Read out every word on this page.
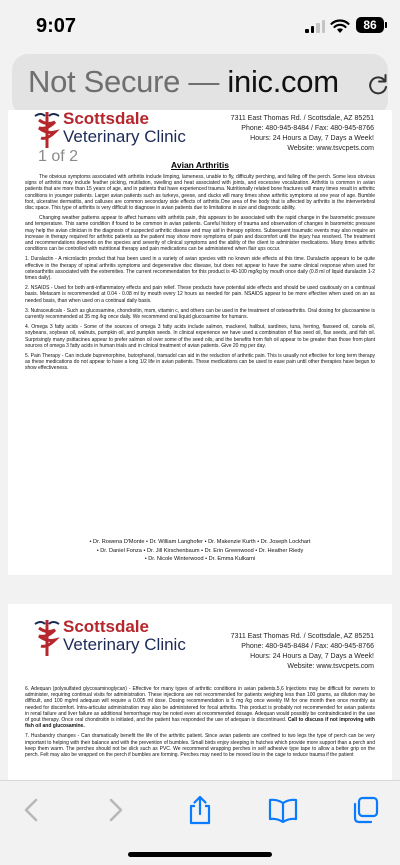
9:07	86
Not Secure — inic.com
Scottsdale
Veterinary Clinic
1 of 2
7311 East Thomas Rd. / Scottsdale, AZ 85251
Phone: 480-945-8484 / Fax: 480-945-8766
Hours: 24 Hours a Day, 7 Days a Week!
Website: www.tsvcpets.com
Avian Arthritis

The obvious symptoms associated with arthritis include limping, lameness, unable to fly, difficulty perching, and falling off the perch. Some less obvious signs of arthritis may include feather picking, mutilation, swelling and heat associated with joints, and excessive vocalization. Arthritis is common in avian patients that are more than 15 years of age, and in patients that have experienced trauma. Nutritionally related bone fractures will many times result in arthritic conditions in younger patients. Larger avian patients such as turkeys, geese, and ducks will many times show arthritic symptoms at one year of age. Bumble foot, ulcerative dermatitis, and calluses are common secondary side effects of arthritis.One area of the body that is affected by arthritis is the intervertebral disc space. This type of arthritis is very difficult to diagnose in avian patients due to limitations in size and diagnostic ability.

Changing weather patterns appear to affect humans with arthritis pain, this appears to be associated with the rapid change in the barometric pressure and temperature. This same condition if found to be common in avian patients. Careful history of trauma and observation of changes in barometric pressure may help the avian clinician in the diagnosis of suspected arthritic disease and may aid in therapy options. Subsequent traumatic events may also require an increase in therapy required for arthritic patients as the patient may show more symptoms of pain and discomfort until the injury has resolved. The treatment and recommendations depends on the species and severity of clinical symptoms and the ability of the client to administer medications. Many times arthritic conditions can be controlled with nutritional therapy and pain medications can be administered when flair ups occur.

1. Duralactin - A microlactin product that has been used in a variety of avian species with no known side effects at this time. Duralactin appears to be quite effective in the therapy of spinal arthritis symptoms and degenerative disc disease, but does not appear to have the same clinical response when used for osteoarthritis associated with the extremities. The current recommendation for this product is 40-100 mg/kg by mouth once daily (0.8 ml of liquid duralactin 1-2 times daily).

2. NSAIDS - Used for both anti-inflammatory effects and pain relief. These products have potential side effects and should be used cautiously on a continual basis. Metacam is recommended at 0.04 - 0.08 ml by mouth every 12 hours as needed for pain. NSAIDS appear to be more effective when used on an as needed basis, than when used on a continual daily basis.

3. Nutraceuticals - Such as glucosamine, chondroitin, msm, vitamin c, and others can be used in the treatment of osteoarthritis. Oral dosing for glucosamine is currently recommended at 35 mg /kg once daily. We recommend oral liquid glucosamine for humans.

4. Omega 3 fatty acids - Some of the sources of omega 3 fatty acids include salmon, mackerel, halibut, sardines, tuna, herring, flaxseed oil, canola oil, soybeans, soybean oil, walnuts, pumpkin oil, and pumpkin seeds. In clinical experience we have used a combination of flax seed oil, flax seeds, and fish oil. Surprisingly many psittacines appear to prefer salmon oil over some of the seed oils, and the benefits from fish oil appear to be greater than those from plant sources of omega 3 fatty acids in human trials and in clinical treatment of avian patients. Give 20 mg per day.

5. Pain Therapy - Can include buprenorphine, butorphanol, tramadol can aid in the reduction of arthritic pain. This is usually not effective for long term therapy as these medications do not appear to have a long 1/2 life in avian patients. These medications can be used to ease pain until other therapies have begun to show effectiveness.

• Dr. Rowena D'Monte • Dr. William Langhofer • Dr. Makenzie Kurth • Dr. Joseph Lockhart
• Dr. Daniel Fonza • Dr. Jill Kirschenbaum • Dr. Erin Greenwood • Dr. Heather Riedy
• Dr. Nicole Winterwood • Dr. Emma Kulkarni
Scottsdale
Veterinary Clinic	7311 East Thomas Rd. / Scottsdale, AZ 85251
Phone: 480-945-8484 / Fax: 480-945-8766
Hours: 24 Hours a Day, 7 Days a Week!
Website: www.tsvcpets.com

6. Adequan (polysulfated glycosaminoglycan) - Effective for many types of arthritic conditions in avian patients.5,6 Injections may be difficult for owners to administer, requiring continual visits for administration. These injections are not recommended for patients weighing less than 100 grams, as dilution may be difficult, and 100 mg/ml adequan will require a 0.005 ml dose. Dosing recommendation is 5 mg /kg once weekly IM for one month then once monthly as needed for discomfort. Intra-articular administration may also be administered for focal arthritis. This product is probably not recommended for avian patients in renal failure and liver failure as additional hemorrhage may be noted even at recommended dosage. Adequan would possibly be contraindicated in the use of gout therapy. Once oral chondroitin is initiated, and the patient has responded the use of adequan is discontinued. Call to discuss if not improving with fish oil and glucosamine.

7. Husbandry changes - Can dramatically benefit the life of the arthritic patient. Since avian patients are confined to two legs the type of perch can be very important to helping with their balance and with the prevention of bumbles. Small birds enjoy sleeping in hutches which provide more support than a perch and keep them warm. The perches should not be slick such as PVC. We recommend wrapping perches in self adhesive type tape to allow a better grip on the perch. Felt may also be wrapped on the perch if bumbles are forming. Perches may need to be moved low in the cage to reduce trauma if the patient
